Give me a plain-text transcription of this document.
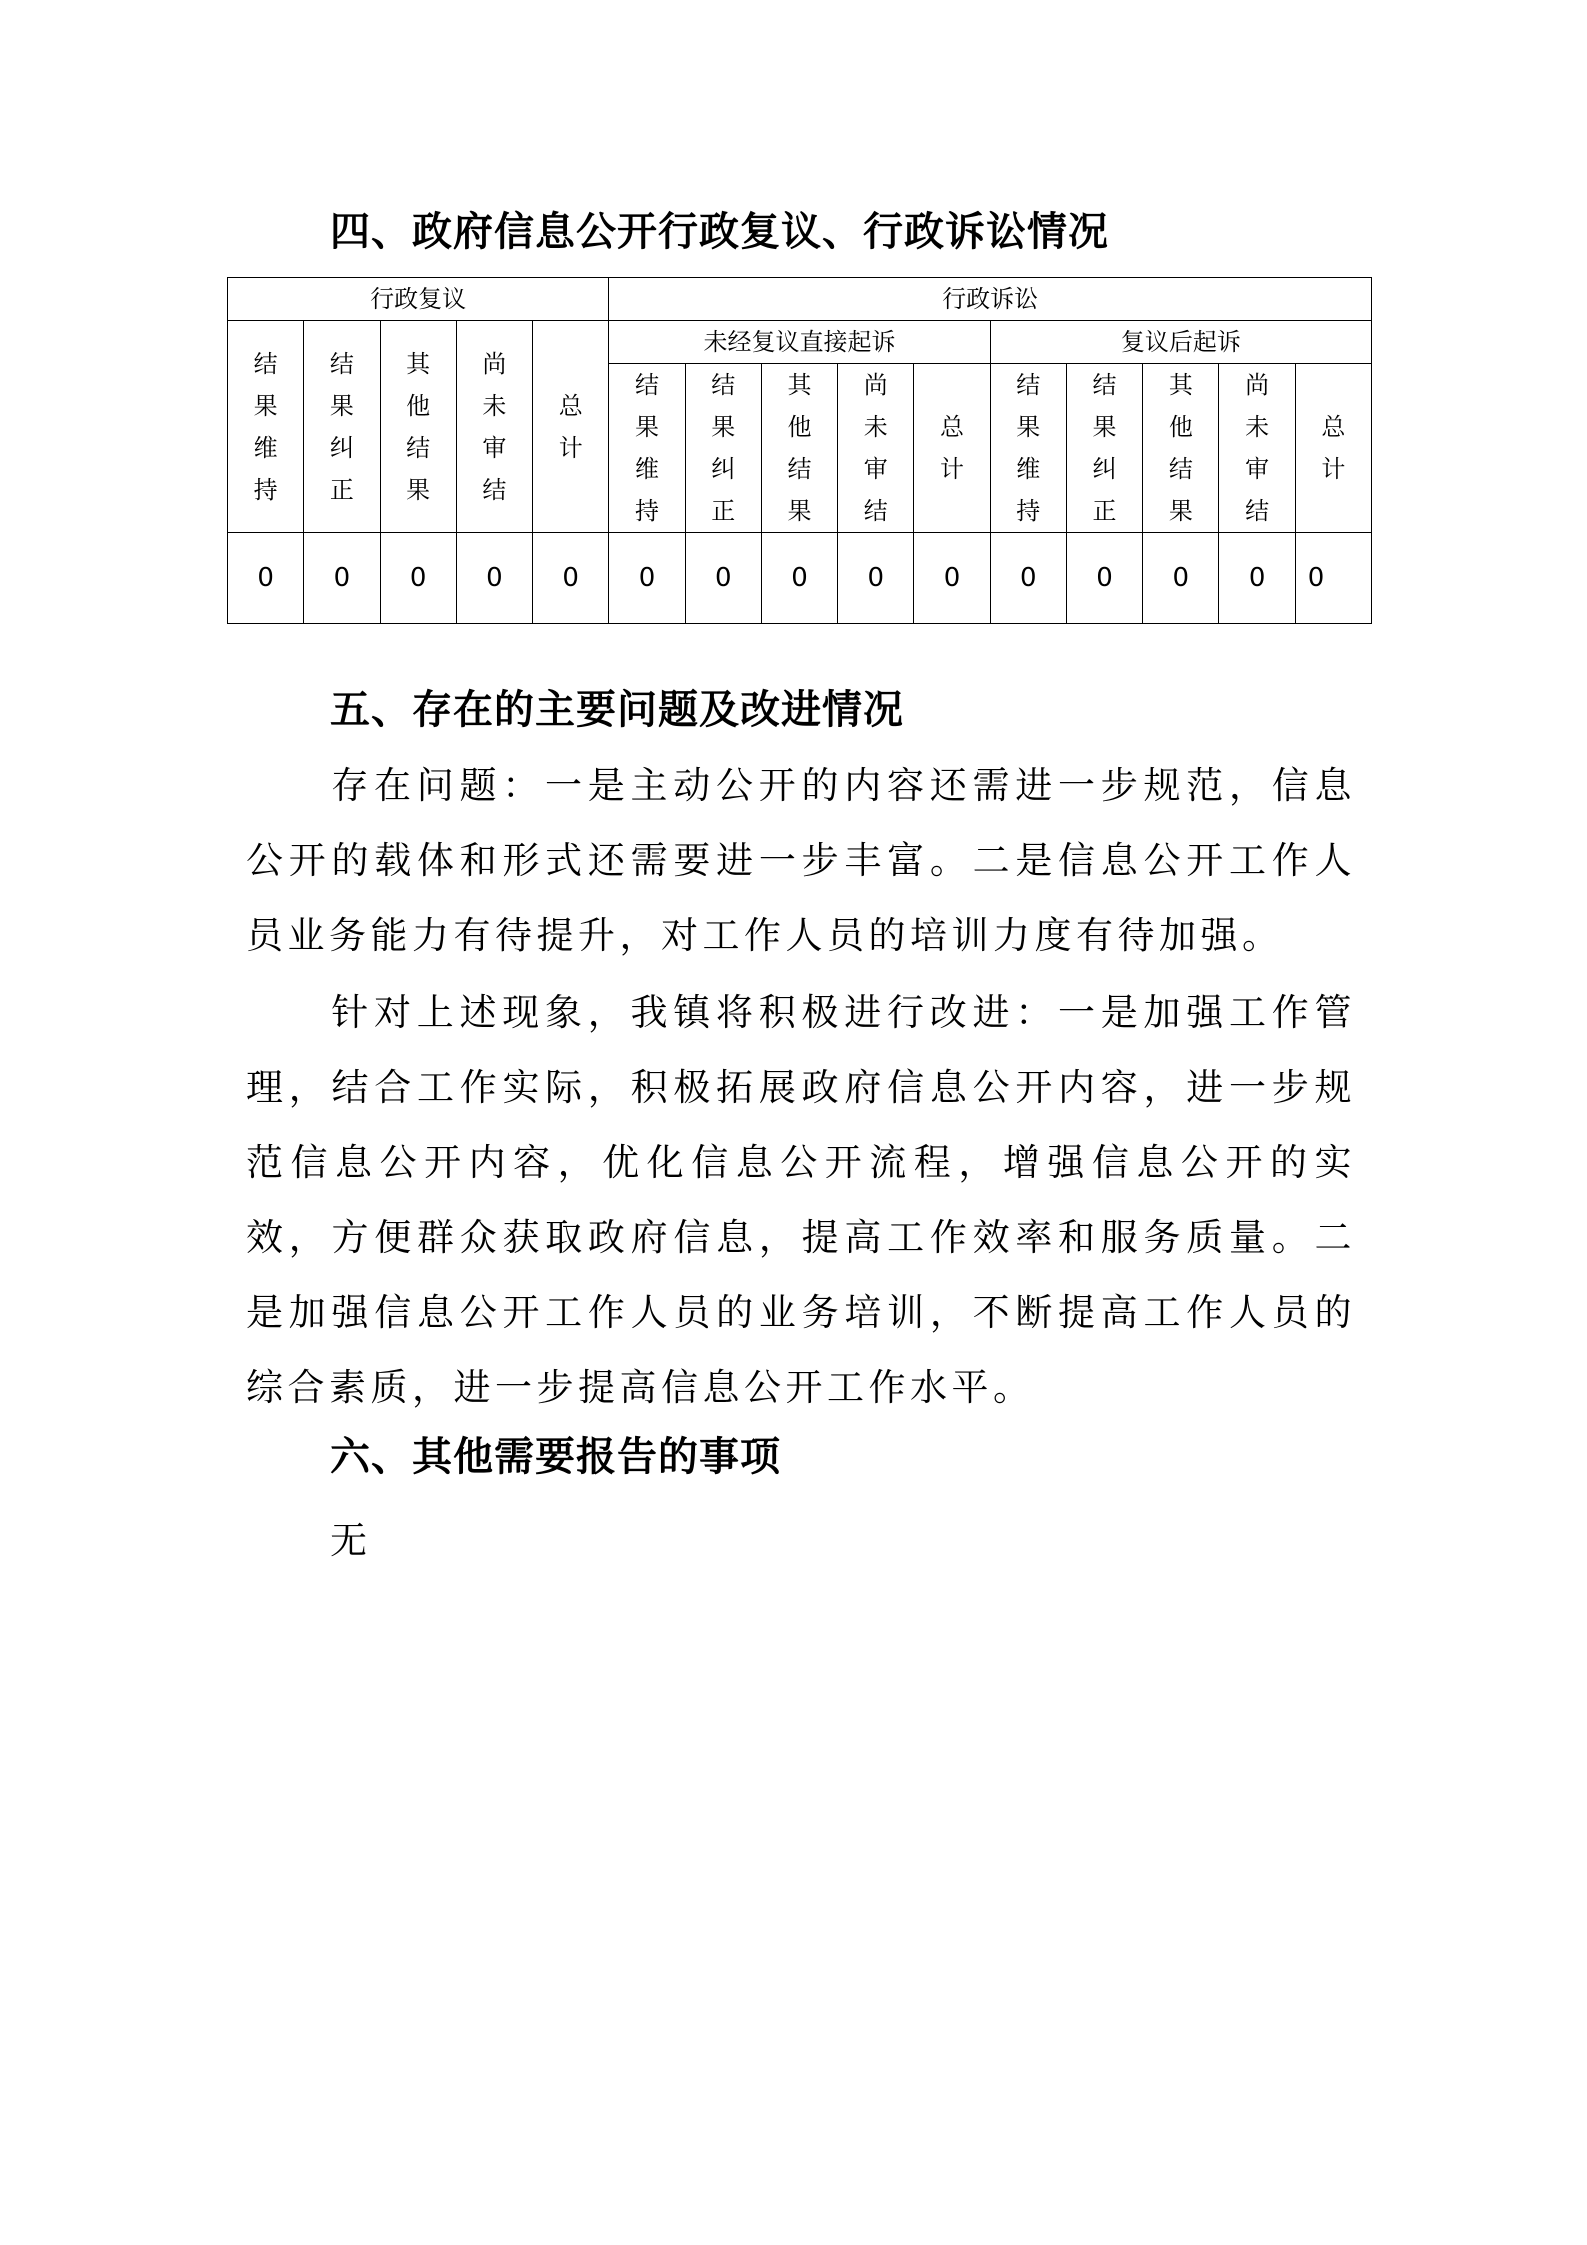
四、政府信息公开行政复议、行政诉讼情况
行政复议					行政诉讼									
结果维持	结果纠正	其他结果	尚未审结	总计	未经复议直接起诉					复议后起诉				
					结果维持	结果纠正	其他结果	尚未审结	总计	结果维持	结果纠正	其他结果	尚未审结	总计
0	0	0	0	0	0	0	0	0	0	0	0	0	0	0
五、存在的主要问题及改进情况
存在问题：一是主动公开的内容还需进一步规范，信息公开的载体和形式还需要进一步丰富。二是信息公开工作人员业务能力有待提升，对工作人员的培训力度有待加强。
针对上述现象，我镇将积极进行改进：一是加强工作管理，结合工作实际，积极拓展政府信息公开内容，进一步规范信息公开内容，优化信息公开流程，增强信息公开的实效，方便群众获取政府信息，提高工作效率和服务质量。二是加强信息公开工作人员的业务培训，不断提高工作人员的综合素质，进一步提高信息公开工作水平。
六、其他需要报告的事项
无
